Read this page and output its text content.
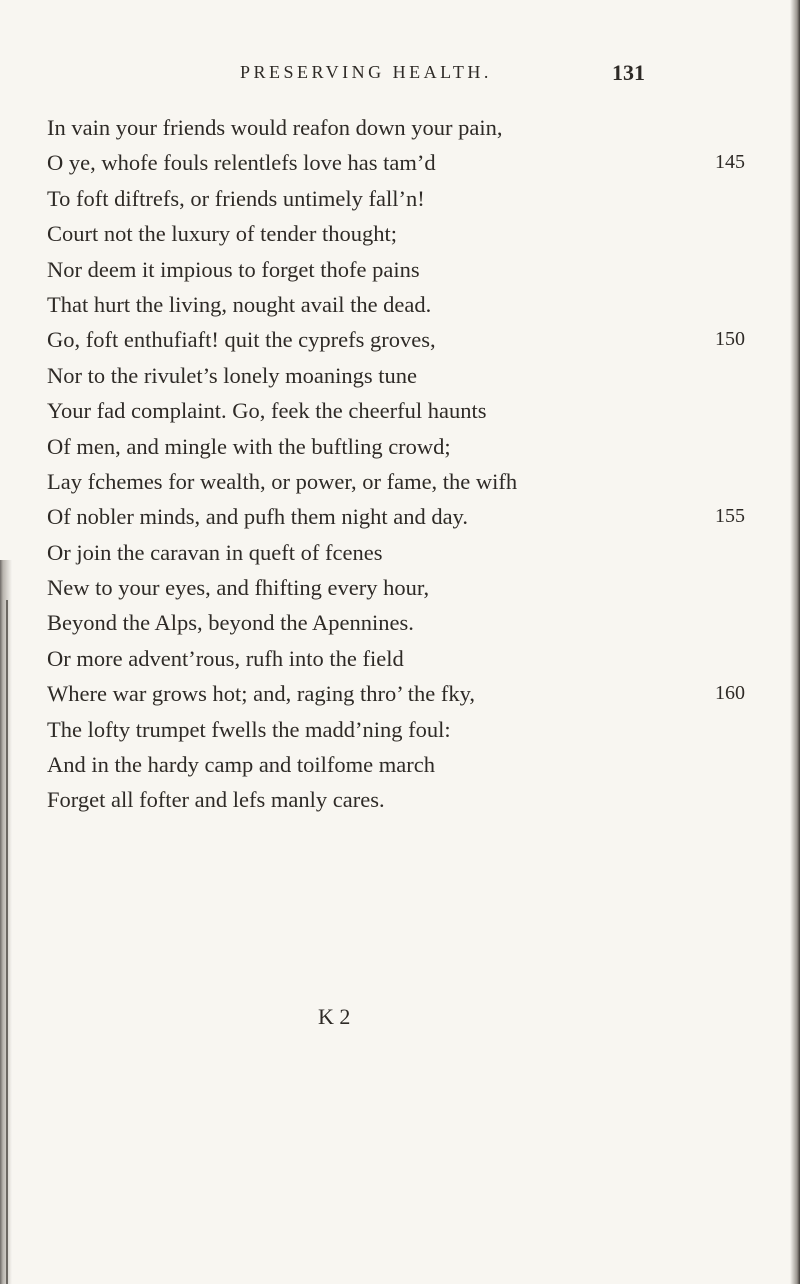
PRESERVING HEALTH.	131
In vain your friends would reafon down your pain,
O ye, whofe fouls relentlefs love has tam’d	145
To foft diftrefs, or friends untimely fall’n!
Court not the luxury of tender thought;
Nor deem it impious to forget thofe pains
That hurt the living, nought avail the dead.
Go, foft enthufiaft! quit the cyprefs groves,	150
Nor to the rivulet’s lonely moanings tune
Your fad complaint. Go, feek the cheerful haunts
Of men, and mingle with the buftling crowd;
Lay fchemes for wealth, or power, or fame, the wifh
Of nobler minds, and pufh them night and day.	155
Or join the caravan in queft of fcenes
New to your eyes, and fhifting every hour,
Beyond the Alps, beyond the Apennines.
Or more advent’rous, rufh into the field
Where war grows hot; and, raging thro’ the fky,	160
The lofty trumpet fwells the madd’ning foul:
And in the hardy camp and toilfome march
Forget all fofter and lefs manly cares.
K 2
